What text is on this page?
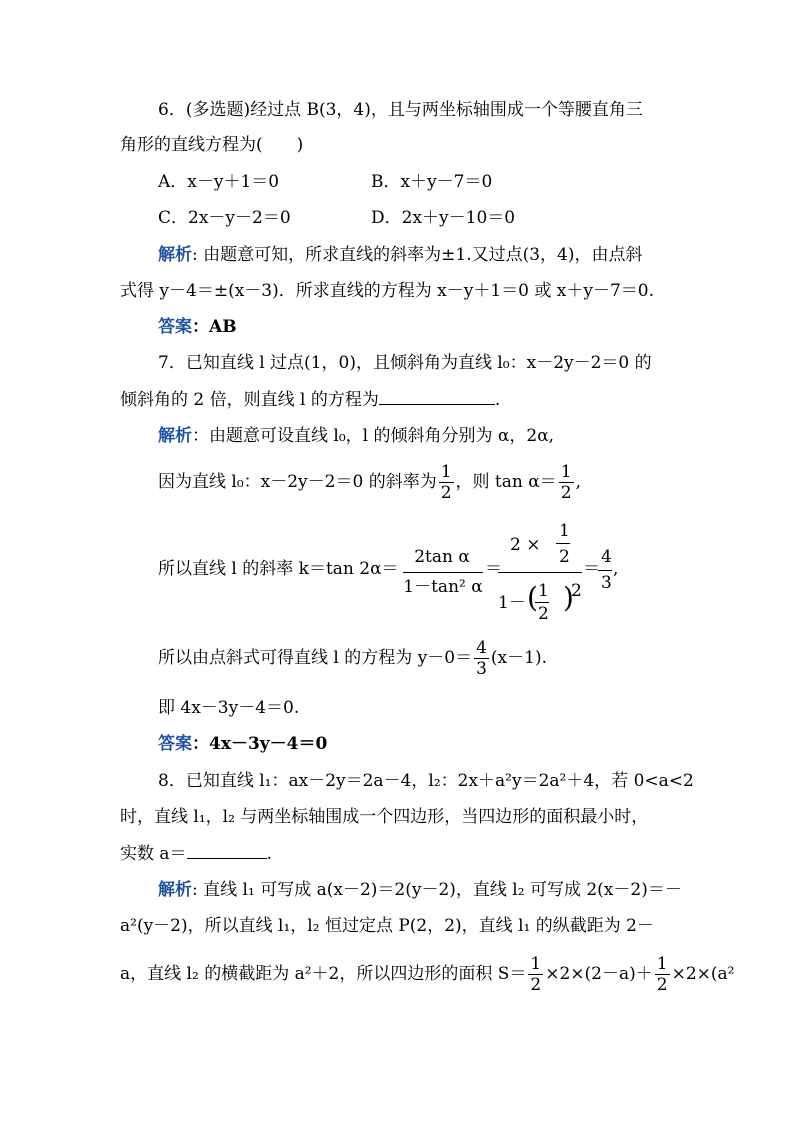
6．(多选题)经过点 B(3，4)，且与两坐标轴围成一个等腰直角三
角形的直线方程为(　　)
A．x－y＋1＝0	B．x＋y－7＝0
C．2x－y－2＝0	D．2x＋y－10＝0
解析: 由题意可知，所求直线的斜率为±1.又过点(3，4)，由点斜
式得 y－4＝±(x－3)．所求直线的方程为 x－y＋1＝0 或 x＋y－7＝0.
答案：AB
7．已知直线 l 过点(1，0)，且倾斜角为直线 l₀：x－2y－2＝0 的
倾斜角的 2 倍，则直线 l 的方程为	.
解析：由题意可设直线 l₀，l 的倾斜角分别为 α，2α,
因为直线 l₀：x－2y－2＝0 的斜率为 $\frac{1}{2}$ ，则 $\tan \alpha= \frac{1}{2}$ ,
所以直线 l 的斜率 k＝tan 2α＝
2tan α
1－tan² α
＝
2 ×
1
2
1－ ( 1
2 )
2
＝
4
3
,
所以由点斜式可得直线 l 的方程为 $y-0= \frac{4}{3} (x-1)$.
即 4x－3y－4＝0.
答案：4x－3y－4＝0
8．已知直线 l₁：ax－2y＝2a－4，l₂：2x＋a²y＝2a²＋4，若 0<a<2
时，直线 l₁，l₂ 与两坐标轴围成一个四边形，当四边形的面积最小时，
实数 a＝	.
解析: 直线 l₁ 可写成 a(x－2)＝2(y－2)，直线 l₂ 可写成 2(x－2)＝－
a²(y－2)，所以直线 l₁，l₂ 恒过定点 P(2，2)，直线 l₁ 的纵截距为 2－
a，直线 l₂ 的横截距为 a²＋2，所以四边形的面积 $S= \frac{1}{2} \times 2\times(2-a)+ \frac{1}{2} \times 2\times(a^2$
